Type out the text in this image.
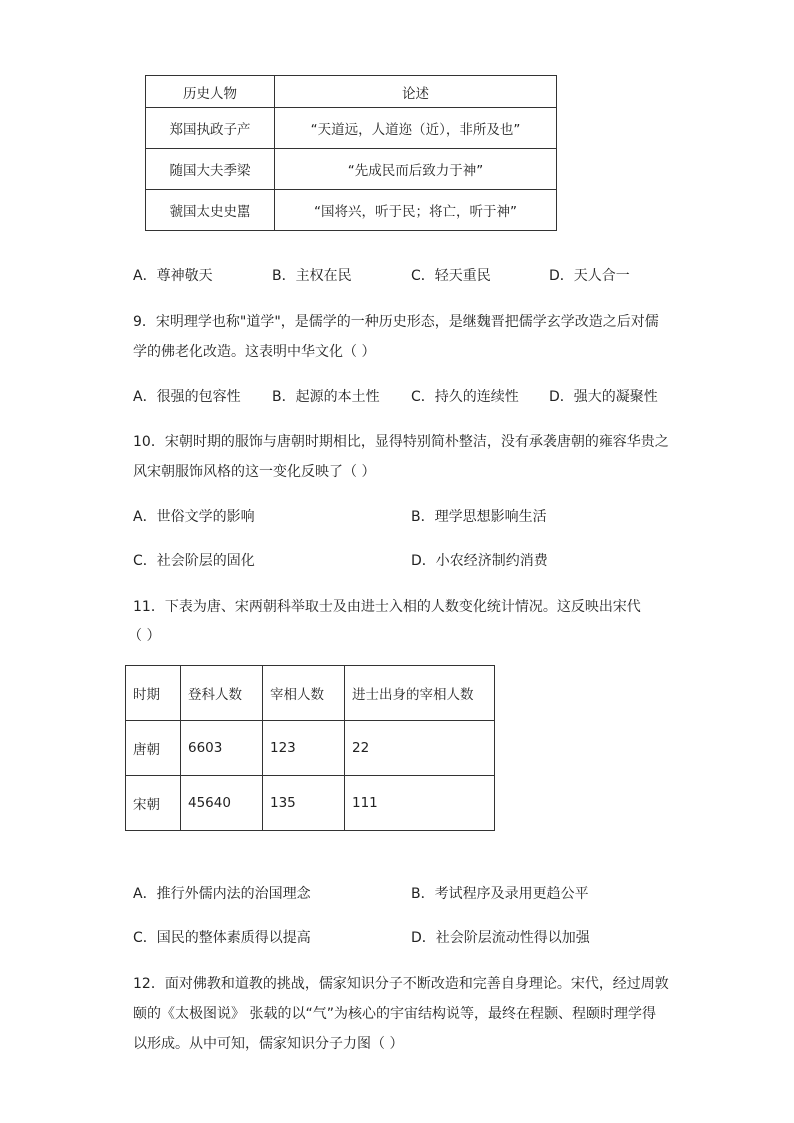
历史人物	论述
郑国执政子产	“天道远，人道迩（近），非所及也”
随国大夫季梁	“先成民而后致力于神”
虢国太史史嚚	“国将兴，听于民；将亡，听于神”
A．尊神敬天	B．主权在民	C．轻天重民	D．天人合一
9．宋明理学也称"道学"，是儒学的一种历史形态，是继魏晋把儒学玄学改造之后对儒
学的佛老化改造。这表明中华文化（ ）
A．很强的包容性 B．起源的本土性 C．持久的连续性 D．强大的凝聚性
10．宋朝时期的服饰与唐朝时期相比，显得特别简朴整洁，没有承袭唐朝的雍容华贵之
风宋朝服饰风格的这一变化反映了（ ）
A．世俗文学的影响	B．理学思想影响生活
C．社会阶层的固化	D．小农经济制约消费
11．下表为唐、宋两朝科举取士及由进士入相的人数变化统计情况。这反映出宋代
（ ）
时期	登科人数	宰相人数	进士出身的宰相人数
唐朝	6603	123	22
宋朝	45640	135	111
A．推行外儒内法的治国理念	B．考试程序及录用更趋公平
C．国民的整体素质得以提高	D．社会阶层流动性得以加强
12．面对佛教和道教的挑战，儒家知识分子不断改造和完善自身理论。宋代，经过周敦
颐的《太极图说》 张载的以“气”为核心的宇宙结构说等，最终在程颢、程颐时理学得
以形成。从中可知，儒家知识分子力图（ ）
